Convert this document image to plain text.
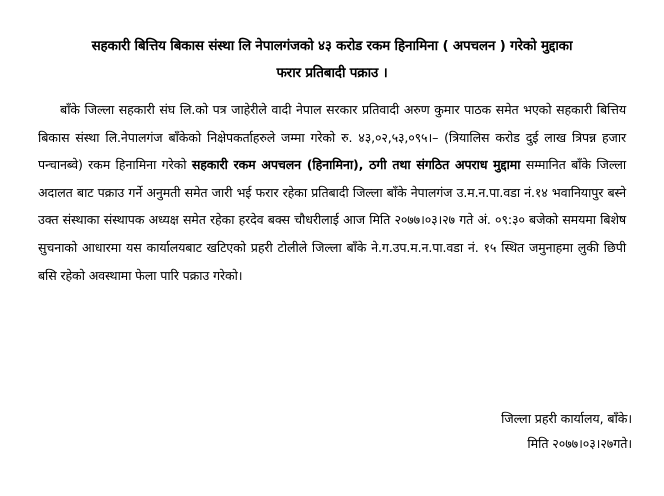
सहकारी बित्तिय बिकास संस्था लि नेपालगंजको ४३ करोड रकम हिनामिना ( अपचलन ) गरेको मुद्दाका
फरार प्रतिबादी पक्राउ ।
बाँके जिल्ला सहकारी संघ लि.को पत्र जाहेरीले वादी नेपाल सरकार प्रतिवादी अरुण कुमार पाठक समेत भएको सहकारी बित्तिय बिकास संस्था लि.नेपालगंज बाँकेको निक्षेपकर्ताहरुले जम्मा गरेको रु. ४३,०२,५३,०९५।– (त्रियालिस करोड दुई लाख त्रिपन्न हजार पन्चानब्वे) रकम हिनामिना गरेको सहकारी रकम अपचलन (हिनामिना), ठगी तथा संगठित अपराध मुद्दामा सम्मानित बाँके जिल्ला अदालत बाट पक्राउ गर्ने अनुमती समेत जारी भई फरार रहेका प्रतिबादी जिल्ला बाँके नेपालगंज उ.म.न.पा.वडा नं.१४ भवानियापुर बस्ने उक्त संस्थाका संस्थापक अध्यक्ष समेत रहेका हरदेव बक्स चौधरीलाई आज मिति २०७७।०३।२७ गते अं. ०९:३० बजेको समयमा बिशेष सुचनाको आधारमा यस कार्यालयबाट खटिएको प्रहरी टोलीले जिल्ला बाँके ने.ग.उप.म.न.पा.वडा नं. १५ स्थित जमुनाहमा लुकी छिपी बसि रहेको अवस्थामा फेला पारि पक्राउ गरेको।
जिल्ला प्रहरी कार्यालय, बाँके।
मिति २०७७।०३।२७गते।
